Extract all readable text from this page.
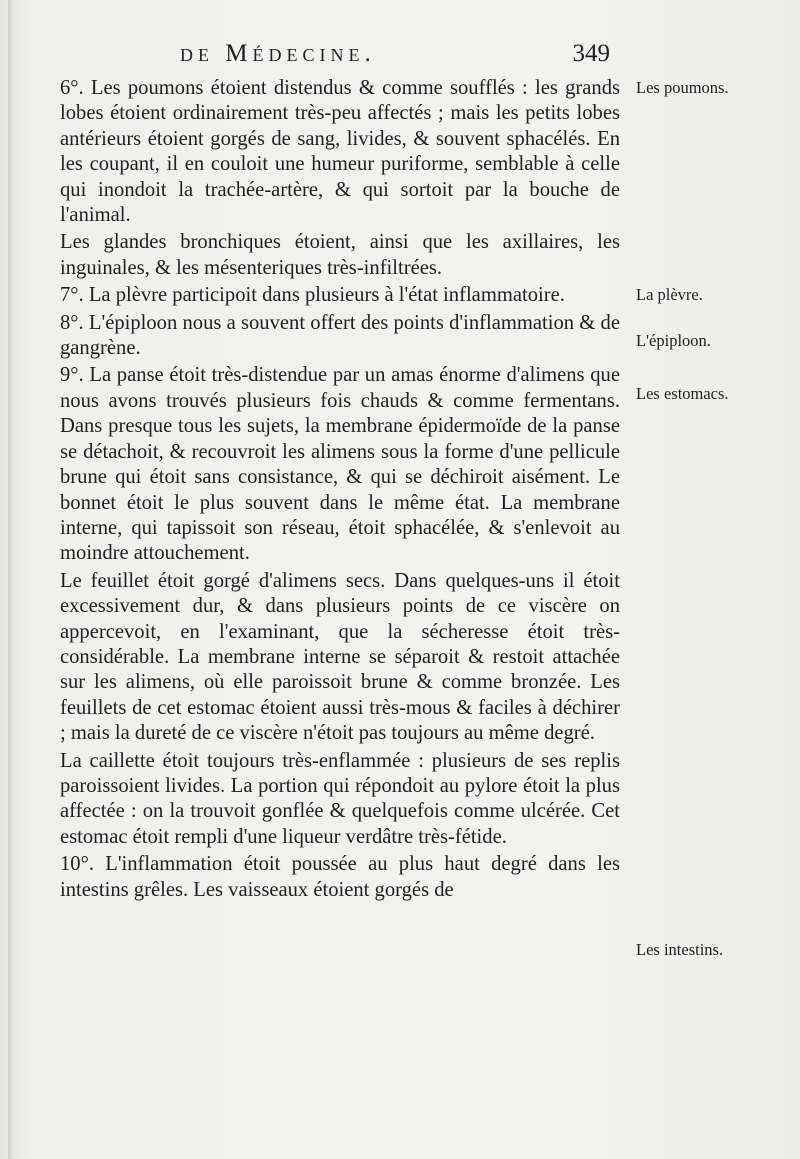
de Médecine.	349

6°. Les poumons étoient distendus & comme soufflés : les grands lobes étoient ordinairement très-peu affectés ; mais les petits lobes antérieurs étoient gorgés de sang, livides, & souvent sphacélés. En les coupant, il en couloit une humeur puriforme, semblable à celle qui inondoit la trachée-artère, & qui sortoit par la bouche de l'animal.

Les glandes bronchiques étoient, ainsi que les axillaires, les inguinales, & les mésenteriques très-infiltrées.

7°. La plèvre participoit dans plusieurs à l'état inflammatoire.

8°. L'épiploon nous a souvent offert des points d'inflammation & de gangrène.

9°. La panse étoit très-distendue par un amas énorme d'alimens que nous avons trouvés plusieurs fois chauds & comme fermentans. Dans presque tous les sujets, la membrane épidermoïde de la panse se détachoit, & recouvroit les alimens sous la forme d'une pellicule brune qui étoit sans consistance, & qui se déchiroit aisément. Le bonnet étoit le plus souvent dans le même état. La membrane interne, qui tapissoit son réseau, étoit sphacélée, & s'enlevoit au moindre attouchement.

Le feuillet étoit gorgé d'alimens secs. Dans quelques-uns il étoit excessivement dur, & dans plusieurs points de ce viscère on appercevoit, en l'examinant, que la sécheresse étoit très-considérable. La membrane interne se séparoit & restoit attachée sur les alimens, où elle paroissoit brune & comme bronzée. Les feuillets de cet estomac étoient aussi très-mous & faciles à déchirer ; mais la dureté de ce viscère n'étoit pas toujours au même degré.

La caillette étoit toujours très-enflammée : plusieurs de ses replis paroissoient livides. La portion qui répondoit au pylore étoit la plus affectée : on la trouvoit gonflée & quelquefois comme ulcérée. Cet estomac étoit rempli d'une liqueur verdâtre très-fétide.

10°. L'inflammation étoit poussée au plus haut degré dans les intestins grêles. Les vaisseaux étoient gorgés de

Les poumons.
La plèvre.
L'épiploon.
Les estomacs.
Les intestins.
